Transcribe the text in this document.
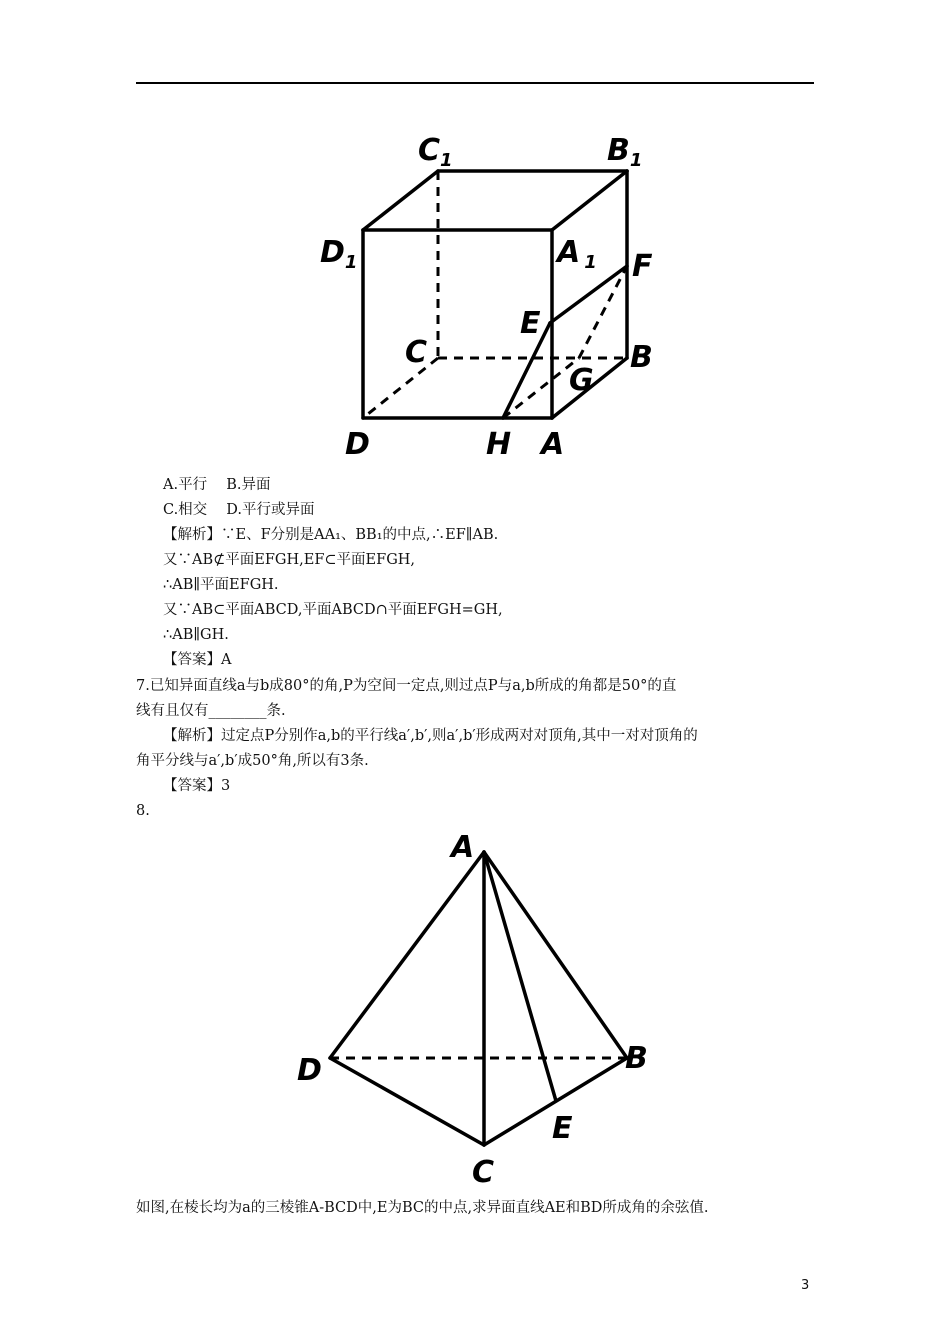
$C_1$	$B_1$
$D_1$	A $_1$ F
E
C	B
G
D	H A
A.平行　 B.异面
C.相交　 D.平行或异面
【解析】∵E、F分别是AA₁、BB₁的中点,∴EF∥AB.
又∵AB⊄平面EFGH,EF⊂平面EFGH,
∴AB∥平面EFGH.
又∵AB⊂平面ABCD,平面ABCD∩平面EFGH=GH,
∴AB∥GH.
【答案】A
7.已知异面直线a与b成80°的角,P为空间一定点,则过点P与a,b所成的角都是50°的直
线有且仅有________条.
【解析】过定点P分别作a,b的平行线a′,b′,则a′,b′形成两对对顶角,其中一对对顶角的
角平分线与a′,b′成50°角,所以有3条.
【答案】3
8.
A
D	B
E
C
如图,在棱长均为a的三棱锥A-BCD中,E为BC的中点,求异面直线AE和BD所成角的余弦值.
3
